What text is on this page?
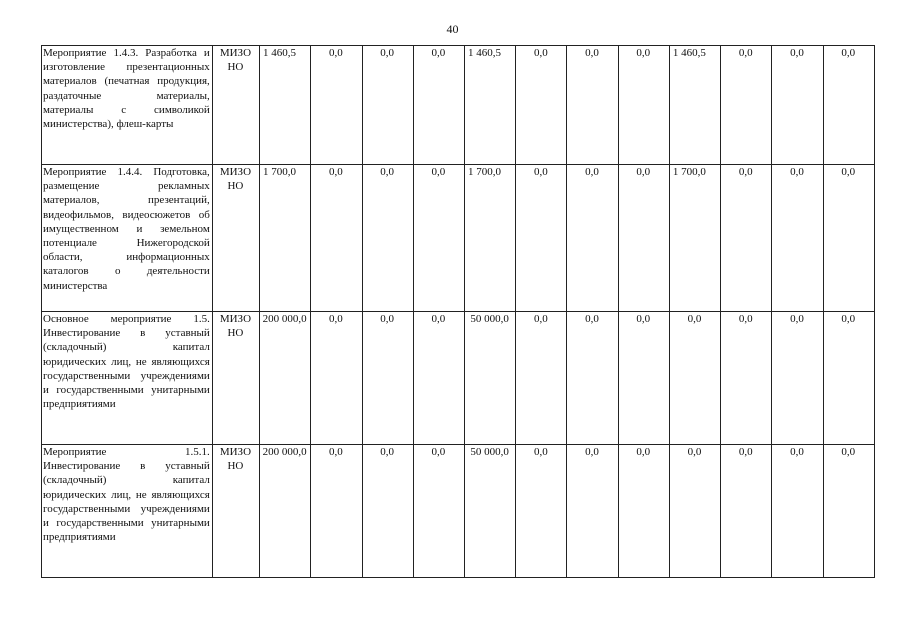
40
Мероприятие 1.4.3. Разработка и изготовление презентационных материалов (печатная продукция, раздаточные материалы, материалы с символикой министерства), флеш-карты	МИЗО НО	1 460,5	0,0	0,0	0,0	1 460,5	0,0	0,0	0,0	1 460,5	0,0	0,0	0,0
Мероприятие 1.4.4. Подготовка, размещение рекламных материалов, презентаций, видеофильмов, видеосюжетов об имущественном и земельном потенциале Нижегородской области, информационных каталогов о деятельности министерства	МИЗО НО	1 700,0	0,0	0,0	0,0	1 700,0	0,0	0,0	0,0	1 700,0	0,0	0,0	0,0
Основное мероприятие 1.5. Инвестирование в уставный (складочный) капитал юридических лиц, не являющихся государственными учреждениями и государственными унитарными предприятиями	МИЗО НО	200 000,0	0,0	0,0	0,0	50 000,0	0,0	0,0	0,0	0,0	0,0	0,0	0,0
Мероприятие 1.5.1. Инвестирование в уставный (складочный) капитал юридических лиц, не являющихся государственными учреждениями и государственными унитарными предприятиями	МИЗО НО	200 000,0	0,0	0,0	0,0	50 000,0	0,0	0,0	0,0	0,0	0,0	0,0	0,0
